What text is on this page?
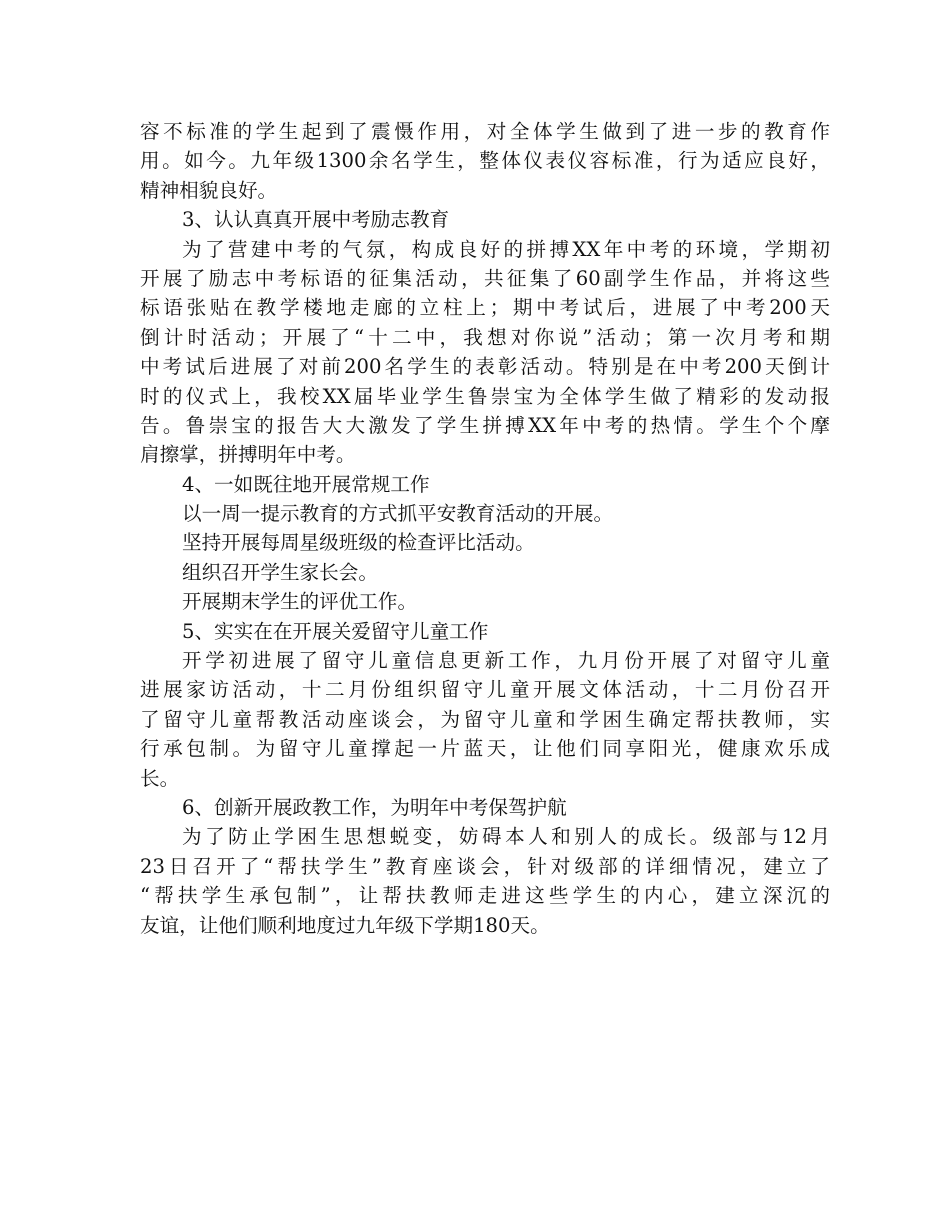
容不标准的学生起到了震慑作用，对全体学生做到了进一步的教育作
用。如今。九年级1300余名学生，整体仪表仪容标准，行为适应良好，
精神相貌良好。
3、认认真真开展中考励志教育
为了营建中考的气氛，构成良好的拼搏XX年中考的环境，学期初
开展了励志中考标语的征集活动，共征集了60副学生作品，并将这些
标语张贴在教学楼地走廊的立柱上；期中考试后，进展了中考200天
倒计时活动；开展了“十二中，我想对你说”活动；第一次月考和期
中考试后进展了对前200名学生的表彰活动。特别是在中考200天倒计
时的仪式上，我校XX届毕业学生鲁崇宝为全体学生做了精彩的发动报
告。鲁崇宝的报告大大激发了学生拼搏XX年中考的热情。学生个个摩
肩擦掌，拼搏明年中考。
4、一如既往地开展常规工作
以一周一提示教育的方式抓平安教育活动的开展。
坚持开展每周星级班级的检查评比活动。
组织召开学生家长会。
开展期末学生的评优工作。
5、实实在在开展关爱留守儿童工作
开学初进展了留守儿童信息更新工作，九月份开展了对留守儿童
进展家访活动，十二月份组织留守儿童开展文体活动，十二月份召开
了留守儿童帮教活动座谈会，为留守儿童和学困生确定帮扶教师，实
行承包制。为留守儿童撑起一片蓝天，让他们同享阳光，健康欢乐成
长。
6、创新开展政教工作，为明年中考保驾护航
为了防止学困生思想蜕变，妨碍本人和别人的成长。级部与12月
23日召开了“帮扶学生”教育座谈会，针对级部的详细情况，建立了
“帮扶学生承包制”，让帮扶教师走进这些学生的内心，建立深沉的
友谊，让他们顺利地度过九年级下学期180天。
